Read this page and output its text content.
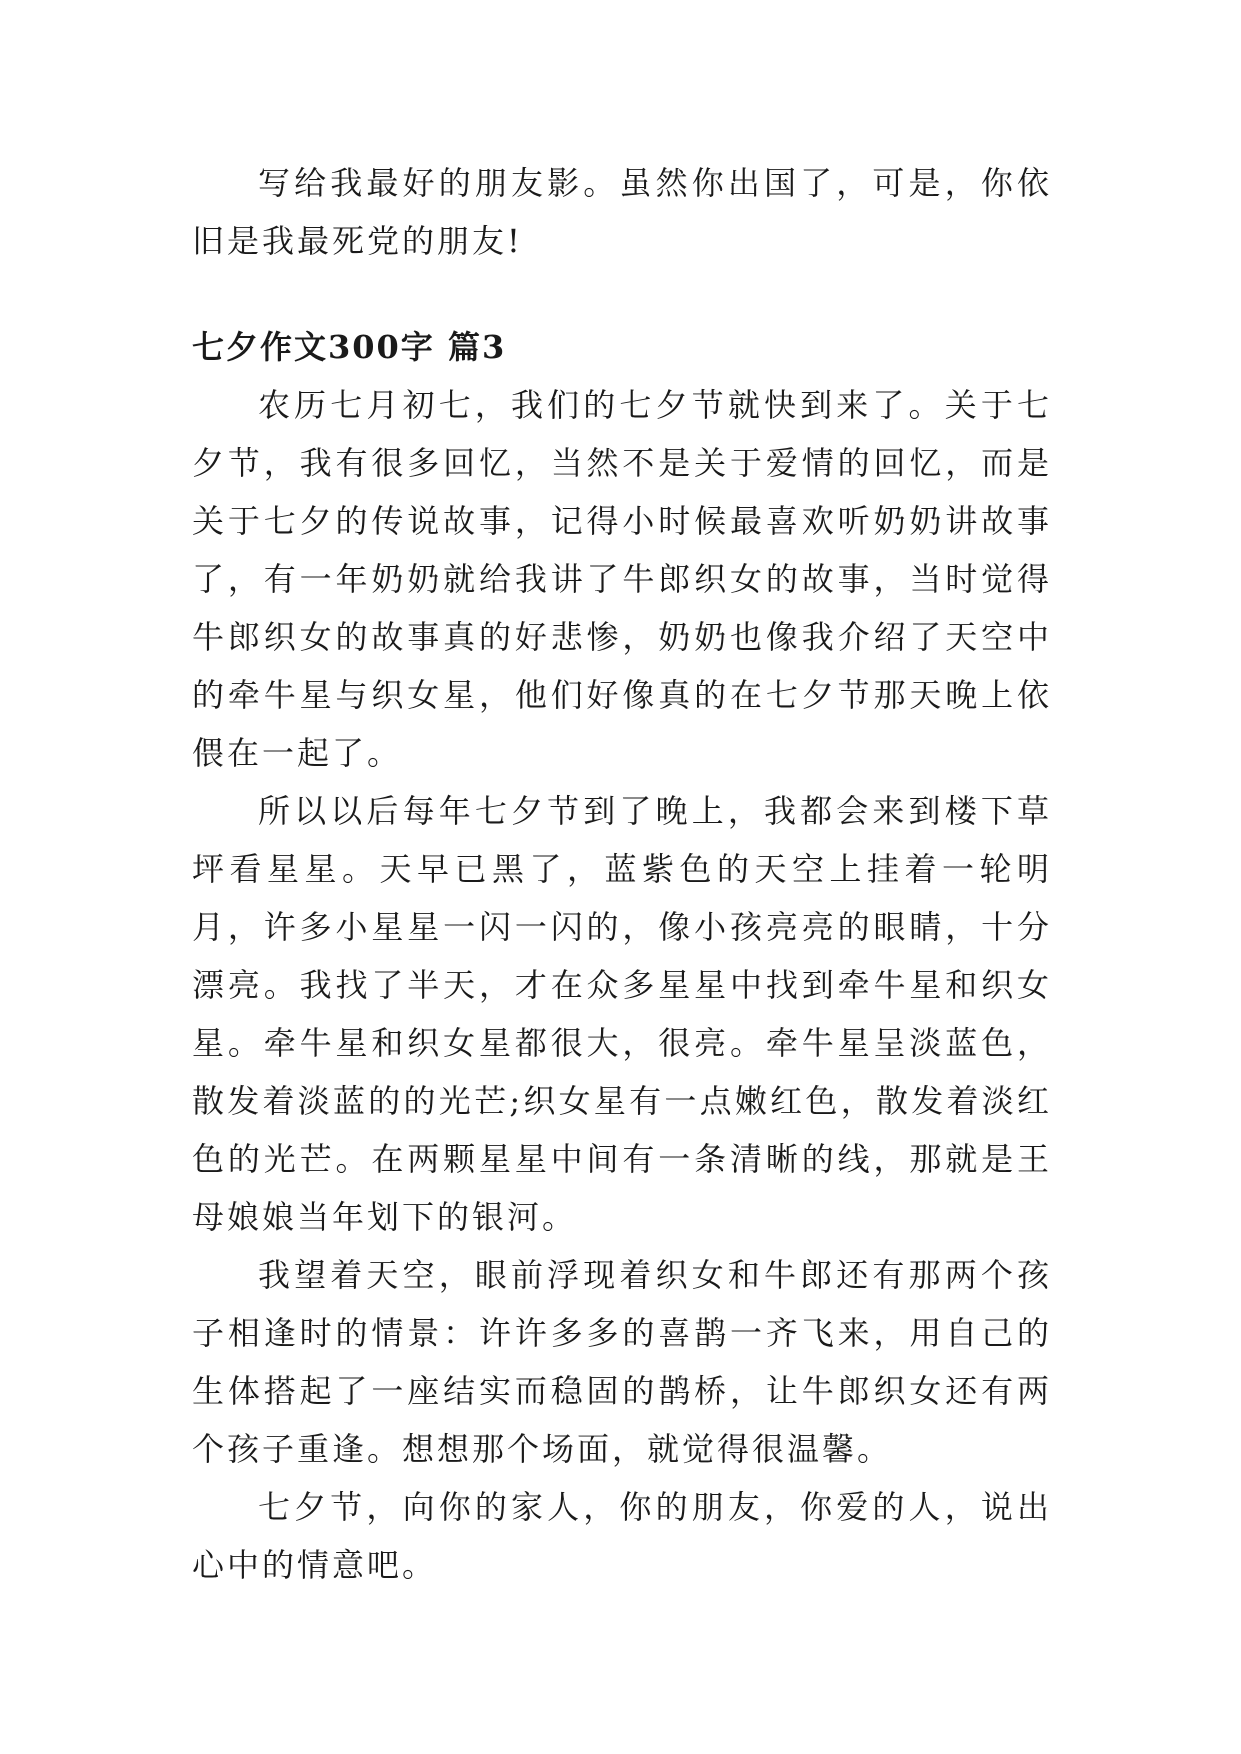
写给我最好的朋友影。虽然你出国了，可是，你依旧是我最死党的朋友!

七夕作文300字 篇3

农历七月初七，我们的七夕节就快到来了。关于七夕节，我有很多回忆，当然不是关于爱情的回忆，而是关于七夕的传说故事，记得小时候最喜欢听奶奶讲故事了，有一年奶奶就给我讲了牛郎织女的故事，当时觉得牛郎织女的故事真的好悲惨，奶奶也像我介绍了天空中的牵牛星与织女星，他们好像真的在七夕节那天晚上依偎在一起了。

所以以后每年七夕节到了晚上，我都会来到楼下草坪看星星。天早已黑了，蓝紫色的天空上挂着一轮明月，许多小星星一闪一闪的，像小孩亮亮的眼睛，十分漂亮。我找了半天，才在众多星星中找到牵牛星和织女星。牵牛星和织女星都很大，很亮。牵牛星呈淡蓝色，散发着淡蓝的的光芒;织女星有一点嫩红色，散发着淡红色的光芒。在两颗星星中间有一条清晰的线，那就是王母娘娘当年划下的银河。

我望着天空，眼前浮现着织女和牛郎还有那两个孩子相逢时的情景：许许多多的喜鹊一齐飞来，用自己的生体搭起了一座结实而稳固的鹊桥，让牛郎织女还有两个孩子重逢。想想那个场面，就觉得很温馨。

七夕节，向你的家人，你的朋友，你爱的人，说出心中的情意吧。
